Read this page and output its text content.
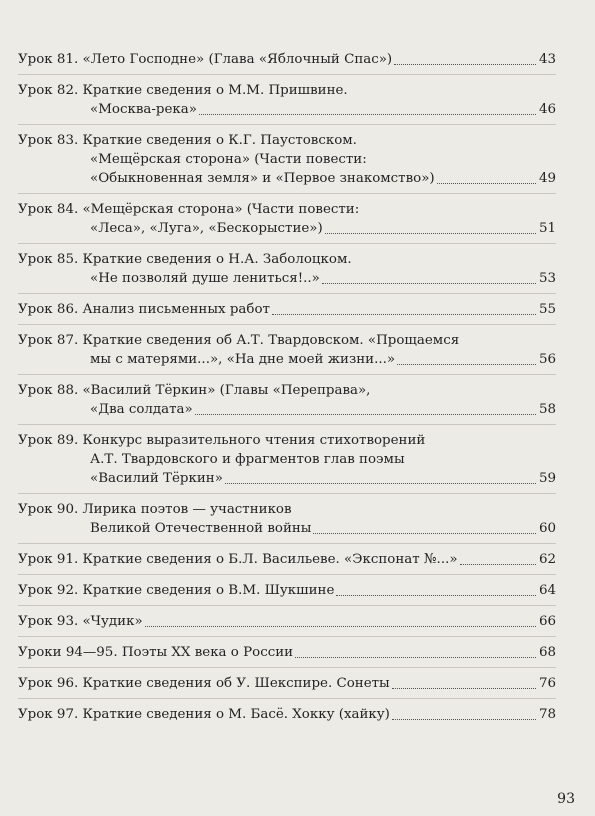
Урок 81. «Лето Господне» (Глава «Яблочный Спас»)	43
Урок 82. Краткие сведения о М.М. Пришвине.
«Москва-река»	46
Урок 83. Краткие сведения о К.Г. Паустовском.
«Мещёрская сторона» (Части повести:
«Обыкновенная земля» и «Первое знакомство»)	49
Урок 84. «Мещёрская сторона» (Части повести:
«Леса», «Луга», «Бескорыстие»)	51
Урок 85. Краткие сведения о Н.А. Заболоцком.
«Не позволяй душе лениться!..»	53
Урок 86. Анализ письменных работ	55
Урок 87. Краткие сведения об А.Т. Твардовском. «Прощаемся
мы с матерями...», «На дне моей жизни...»	56
Урок 88. «Василий Тёркин» (Главы «Переправа»,
«Два солдата»	58
Урок 89. Конкурс выразительного чтения стихотворений
А.Т. Твардовского и фрагментов глав поэмы
«Василий Тёркин»	59
Урок 90. Лирика поэтов — участников
Великой Отечественной войны	60
Урок 91. Краткие сведения о Б.Л. Васильеве. «Экспонат №...»	62
Урок 92. Краткие сведения о В.М. Шукшине	64
Урок 93. «Чудик»	66
Уроки 94—95. Поэты XX века о России	68
Урок 96. Краткие сведения об У. Шекспире. Сонеты	76
Урок 97. Краткие сведения о М. Басё. Хокку (хайку)	78
93
